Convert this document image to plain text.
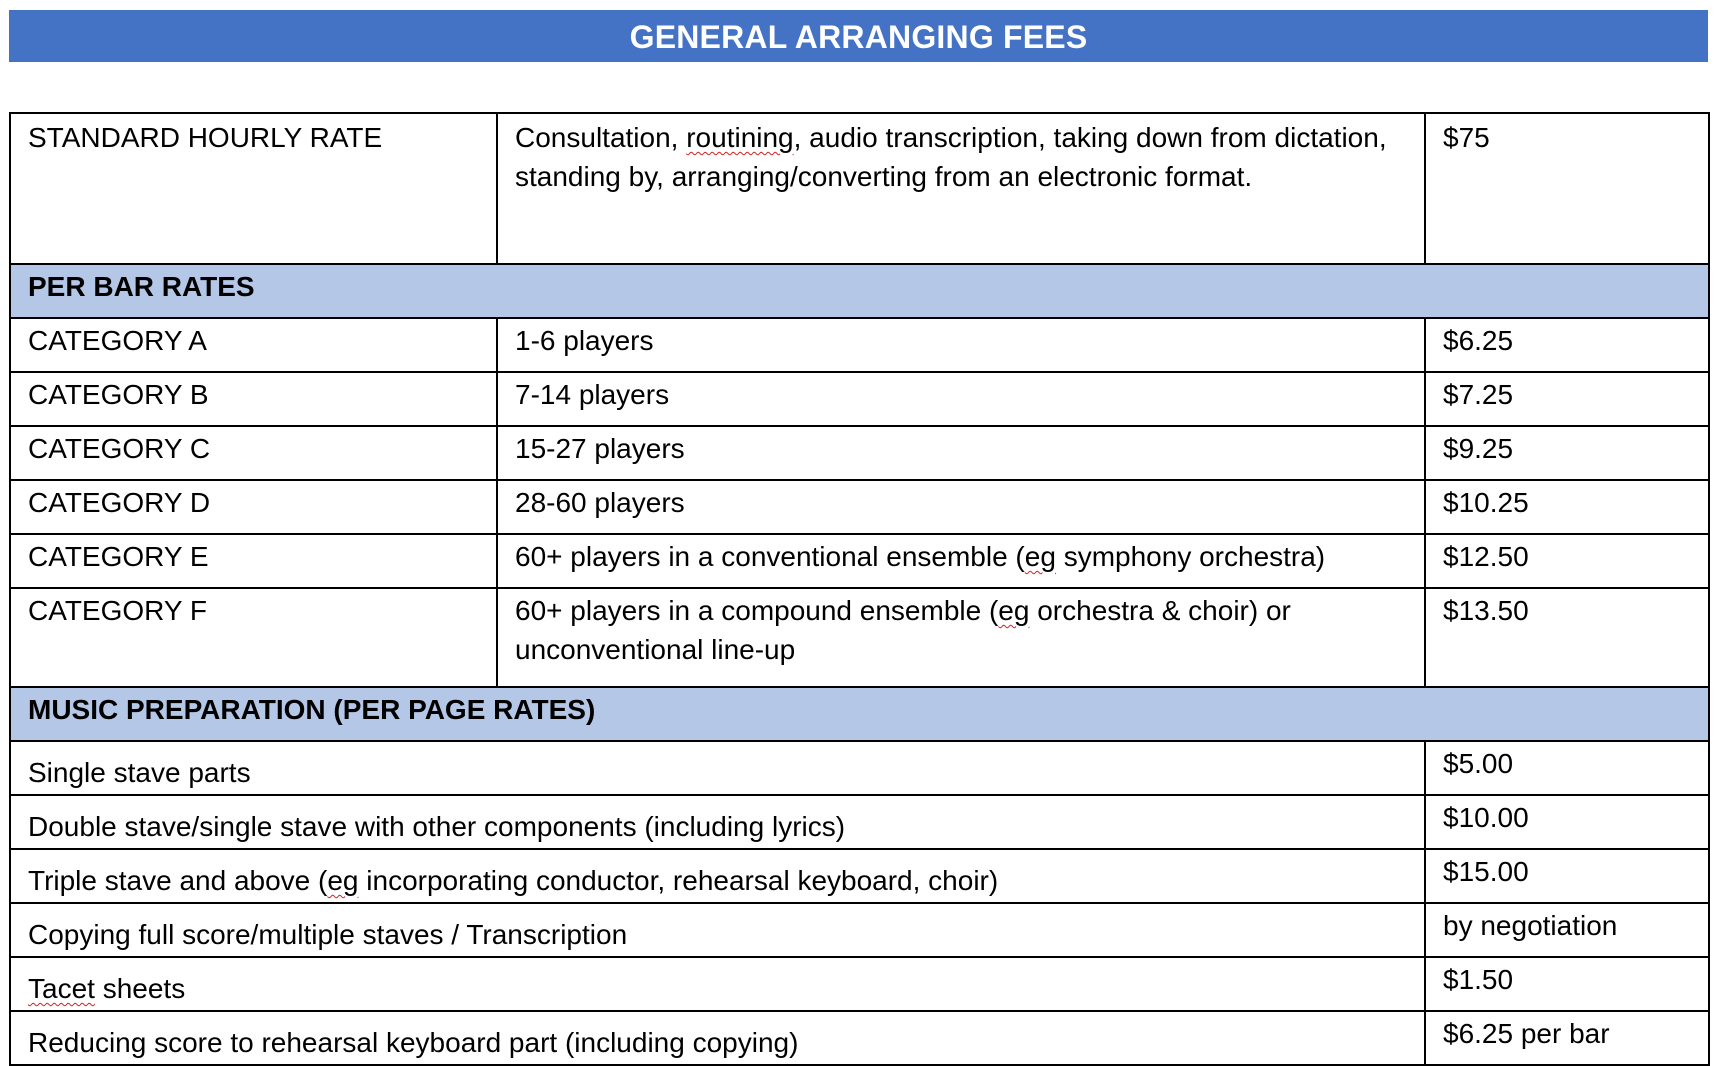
GENERAL ARRANGING FEES
STANDARD HOURLY RATE	Consultation, routining, audio transcription, taking down from dictation, standing by, arranging/converting from an electronic format.	$75
PER BAR RATES		
CATEGORY A	1-6 players	$6.25
CATEGORY B	7-14 players	$7.25
CATEGORY C	15-27 players	$9.25
CATEGORY D	28-60 players	$10.25
CATEGORY E	60+ players in a conventional ensemble (eg symphony orchestra)	$12.50
CATEGORY F	60+ players in a compound ensemble (eg orchestra & choir) or unconventional line-up	$13.50
MUSIC PREPARATION (PER PAGE RATES)		
Single stave parts		$5.00
Double stave/single stave with other components (including lyrics)		$10.00
Triple stave and above (eg incorporating conductor, rehearsal keyboard, choir)		$15.00
Copying full score/multiple staves / Transcription		by negotiation
Tacet sheets		$1.50
Reducing score to rehearsal keyboard part (including copying)		$6.25 per bar
